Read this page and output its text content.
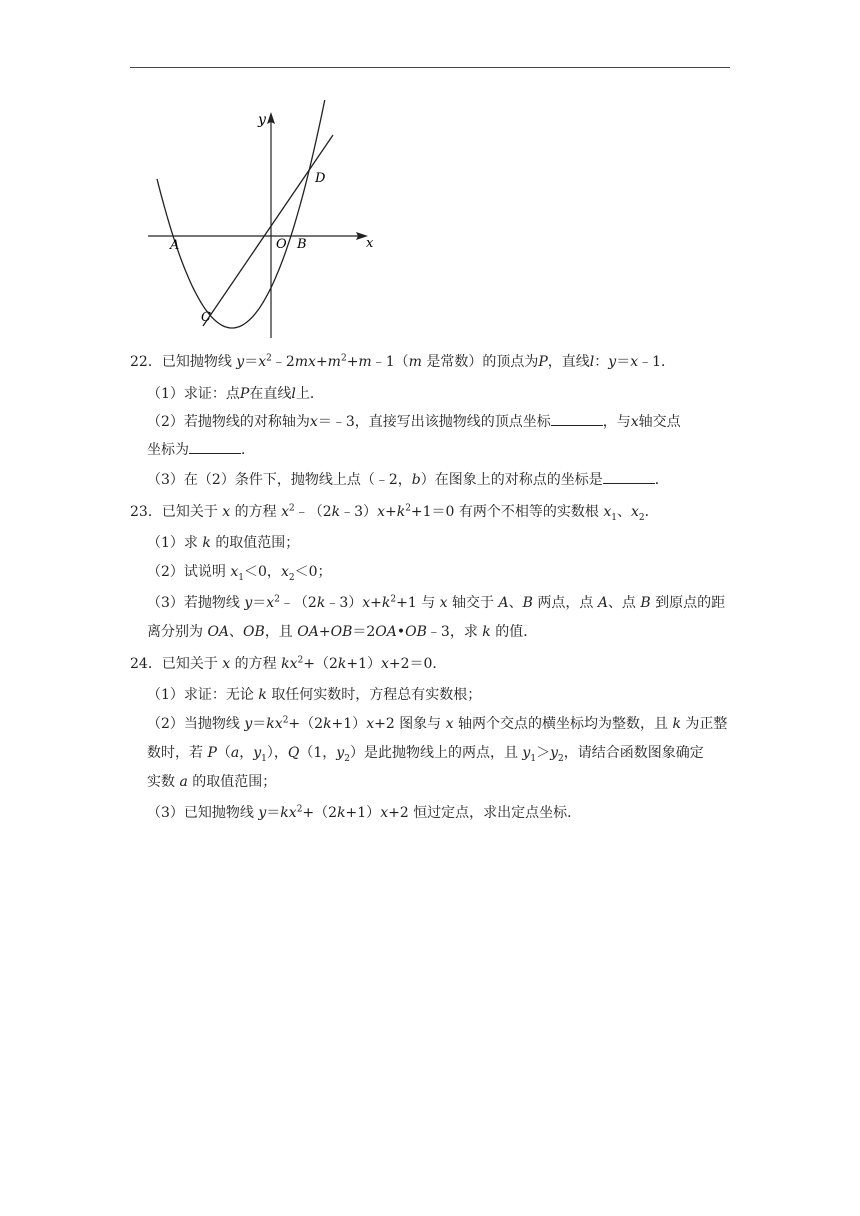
y
x
A	O B
C
D
22．已知抛物线 $y=x^2﹣2mx+m^2+m﹣1(m$ 是常数）的顶点为P，直线l：y＝x﹣1．
（1）求证：点P在直线l上．
（2）若抛物线的对称轴为x＝﹣3，直接写出该抛物线的顶点坐标	，与x轴交点
坐标为	．
（3）在（2）条件下，抛物线上点（﹣2，b）在图象上的对称点的坐标是	．
23．已知关于 x 的方程 $x^2﹣(2k﹣3)x+k^2+1=0$ 有两个不相等的实数根 $x_1$、$x_2$．
（1）求 k 的取值范围；
（2）试说明 $x_1<0$，$x_2<0$；
（3）若抛物线 $y=x^2﹣(2k﹣3)x+k^2+1$ 与 x 轴交于 A、B 两点，点 A、点 B 到原点的距
离分别为 OA、OB，且 OA+OB＝2OA•OB﹣3，求 k 的值．
24．已知关于 x 的方程 $kx^2+(2k+1)x+2=0$．
（1）求证：无论 k 取任何实数时，方程总有实数根；
（2）当抛物线 $y=kx^2+(2k+1)x+2$ 图象与 x 轴两个交点的横坐标均为整数，且 k 为正整
数时，若 P（a，$y_1$），Q（1，$y_2$）是此抛物线上的两点，且 $y_1>y_2$，请结合函数图象确定
实数 a 的取值范围；
（3）已知抛物线 $y=kx^2+(2k+1)x+2$ 恒过定点，求出定点坐标．
